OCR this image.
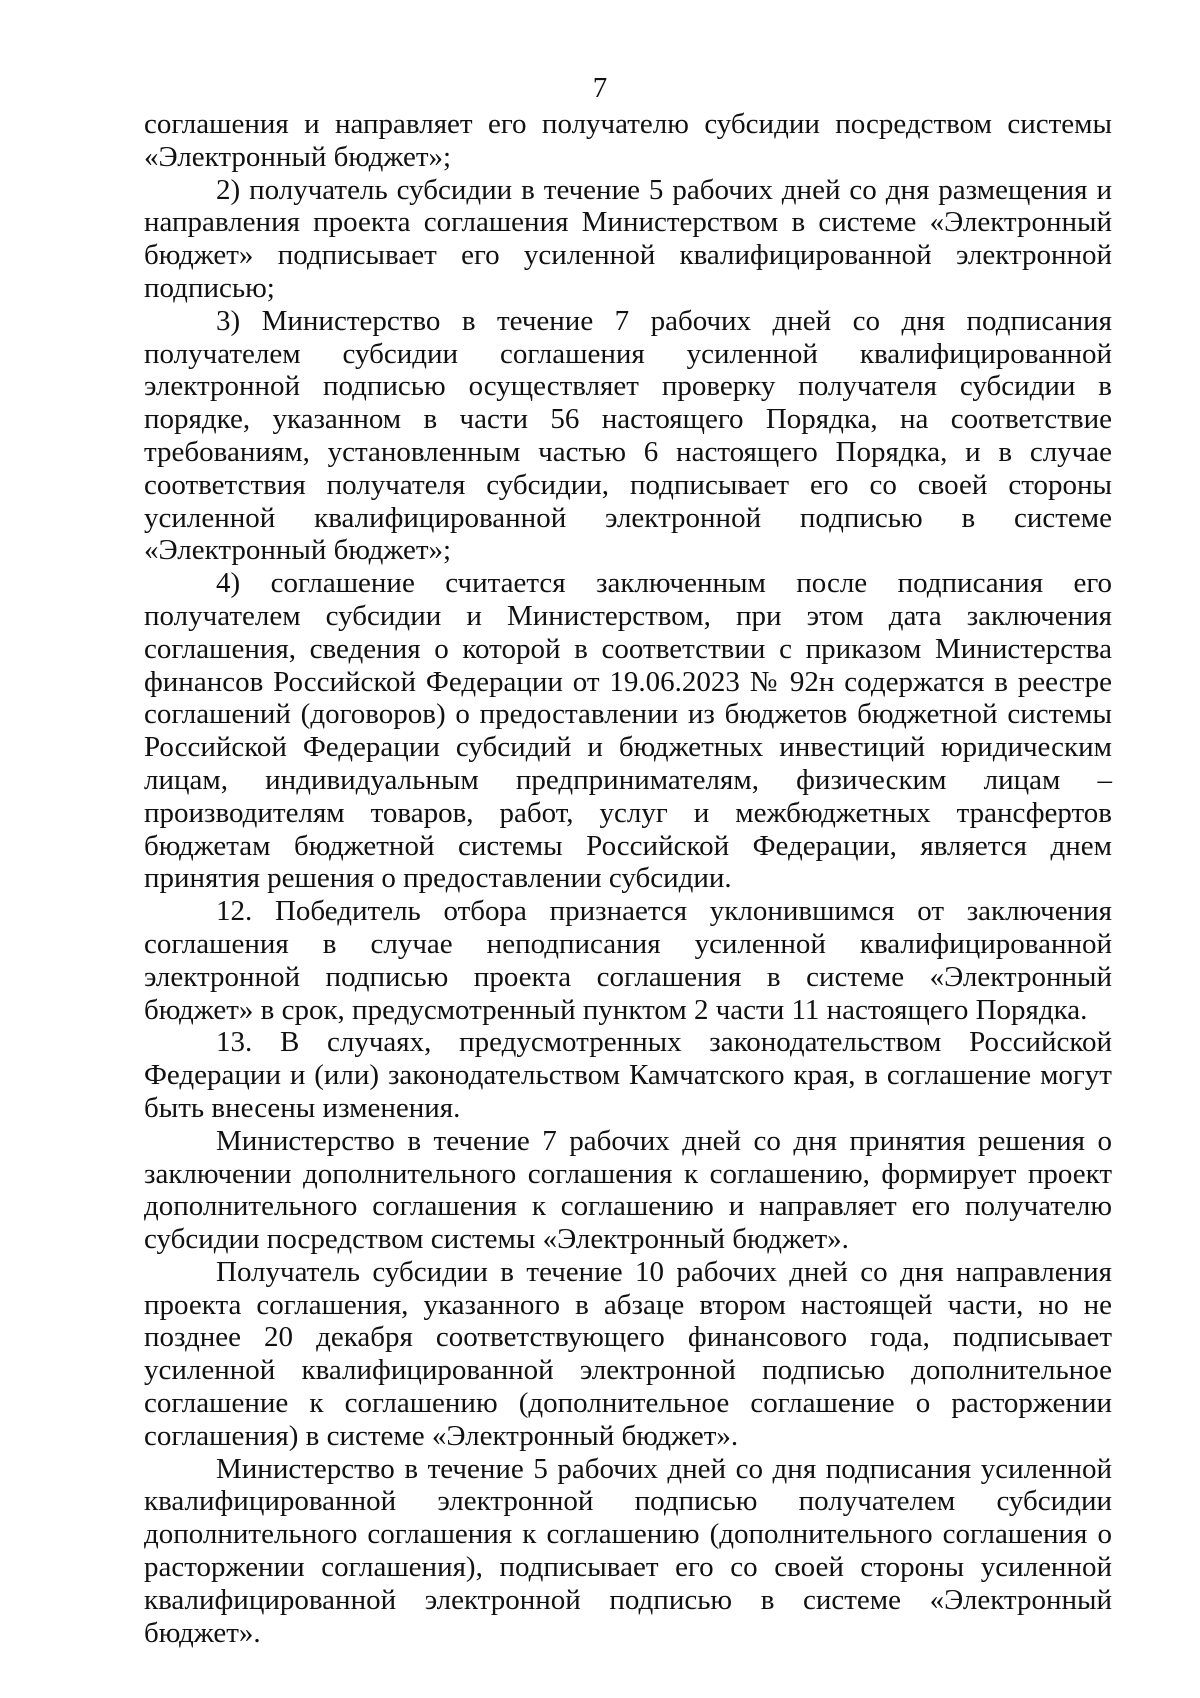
7

соглашения и направляет его получателю субсидии посредством системы «Электронный бюджет»;

2) получатель субсидии в течение 5 рабочих дней со дня размещения и направления проекта соглашения Министерством в системе «Электронный бюджет» подписывает его усиленной квалифицированной электронной подписью;

3) Министерство в течение 7 рабочих дней со дня подписания получателем субсидии соглашения усиленной квалифицированной электронной подписью осуществляет проверку получателя субсидии в порядке, указанном в части 56 настоящего Порядка, на соответствие требованиям, установленным частью 6 настоящего Порядка, и в случае соответствия получателя субсидии, подписывает его со своей стороны усиленной квалифицированной электронной подписью в системе «Электронный бюджет»;

4) соглашение считается заключенным после подписания его получателем субсидии и Министерством, при этом дата заключения соглашения, сведения о которой в соответствии с приказом Министерства финансов Российской Федерации от 19.06.2023 № 92н содержатся в реестре соглашений (договоров) о предоставлении из бюджетов бюджетной системы Российской Федерации субсидий и бюджетных инвестиций юридическим лицам, индивидуальным предпринимателям, физическим лицам – производителям товаров, работ, услуг и межбюджетных трансфертов бюджетам бюджетной системы Российской Федерации, является днем принятия решения о предоставлении субсидии.

12. Победитель отбора признается уклонившимся от заключения соглашения в случае неподписания усиленной квалифицированной электронной подписью проекта соглашения в системе «Электронный бюджет» в срок, предусмотренный пунктом 2 части 11 настоящего Порядка.

13. В случаях, предусмотренных законодательством Российской Федерации и (или) законодательством Камчатского края, в соглашение могут быть внесены изменения.

Министерство в течение 7 рабочих дней со дня принятия решения о заключении дополнительного соглашения к соглашению, формирует проект дополнительного соглашения к соглашению и направляет его получателю субсидии посредством системы «Электронный бюджет».

Получатель субсидии в течение 10 рабочих дней со дня направления проекта соглашения, указанного в абзаце втором настоящей части, но не позднее 20 декабря соответствующего финансового года, подписывает усиленной квалифицированной электронной подписью дополнительное соглашение к соглашению (дополнительное соглашение о расторжении соглашения) в системе «Электронный бюджет».

Министерство в течение 5 рабочих дней со дня подписания усиленной квалифицированной электронной подписью получателем субсидии дополнительного соглашения к соглашению (дополнительного соглашения о расторжении соглашения), подписывает его со своей стороны усиленной квалифицированной электронной подписью в системе «Электронный бюджет».
